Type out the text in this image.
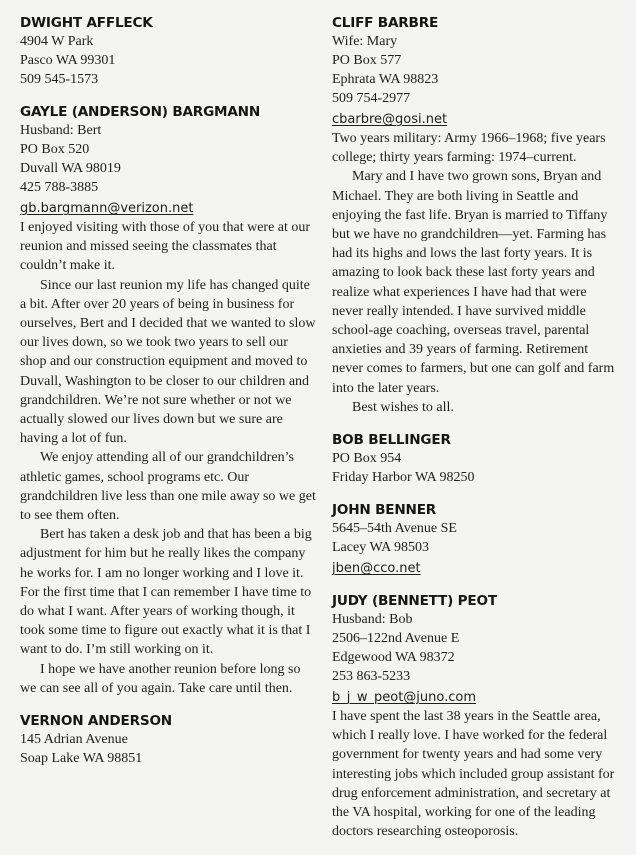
DWIGHT AFFLECK
4904 W Park
Pasco WA 99301
509 545-1573
GAYLE (ANDERSON) BARGMANN
Husband: Bert
PO Box 520
Duvall WA 98019
425 788-3885
gb.bargmann@verizon.net

I enjoyed visiting with those of you that were at our reunion and missed seeing the classmates that couldn’t make it.

Since our last reunion my life has changed quite a bit. After over 20 years of being in business for ourselves, Bert and I decided that we wanted to slow our lives down, so we took two years to sell our shop and our construction equipment and moved to Duvall, Washington to be closer to our children and grandchildren. We’re not sure whether or not we actually slowed our lives down but we sure are having a lot of fun.

We enjoy attending all of our grandchildren’s athletic games, school programs etc. Our grandchildren live less than one mile away so we get to see them often.

Bert has taken a desk job and that has been a big adjustment for him but he really likes the company he works for. I am no longer working and I love it. For the first time that I can remember I have time to do what I want. After years of working though, it took some time to figure out exactly what it is that I want to do. I’m still working on it.

I hope we have another reunion before long so we can see all of you again. Take care until then.

VERNON ANDERSON
145 Adrian Avenue
Soap Lake WA 98851
CLIFF BARBRE
Wife: Mary
PO Box 577
Ephrata WA 98823
509 754-2977
cbarbre@gosi.net

Two years military: Army 1966–1968; five years college; thirty years farming: 1974–current.

Mary and I have two grown sons, Bryan and Michael. They are both living in Seattle and enjoying the fast life. Bryan is married to Tiffany but we have no grandchildren—yet. Farming has had its highs and lows the last forty years. It is amazing to look back these last forty years and realize what experiences I have had that were never really intended. I have survived middle school-age coaching, overseas travel, parental anxieties and 39 years of farming. Retirement never comes to farmers, but one can golf and farm into the later years.

Best wishes to all.

BOB BELLINGER
PO Box 954
Friday Harbor WA 98250
JOHN BENNER
5645–54th Avenue SE
Lacey WA 98503
jben@cco.net
JUDY (BENNETT) PEOT
Husband: Bob
2506–122nd Avenue E
Edgewood WA 98372
253 863-5233
b_j_w_peot@juno.com

I have spent the last 38 years in the Seattle area, which I really love. I have worked for the federal government for twenty years and had some very interesting jobs which included group assistant for drug enforcement administration, and secretary at the VA hospital, working for one of the leading doctors researching osteoporosis.
